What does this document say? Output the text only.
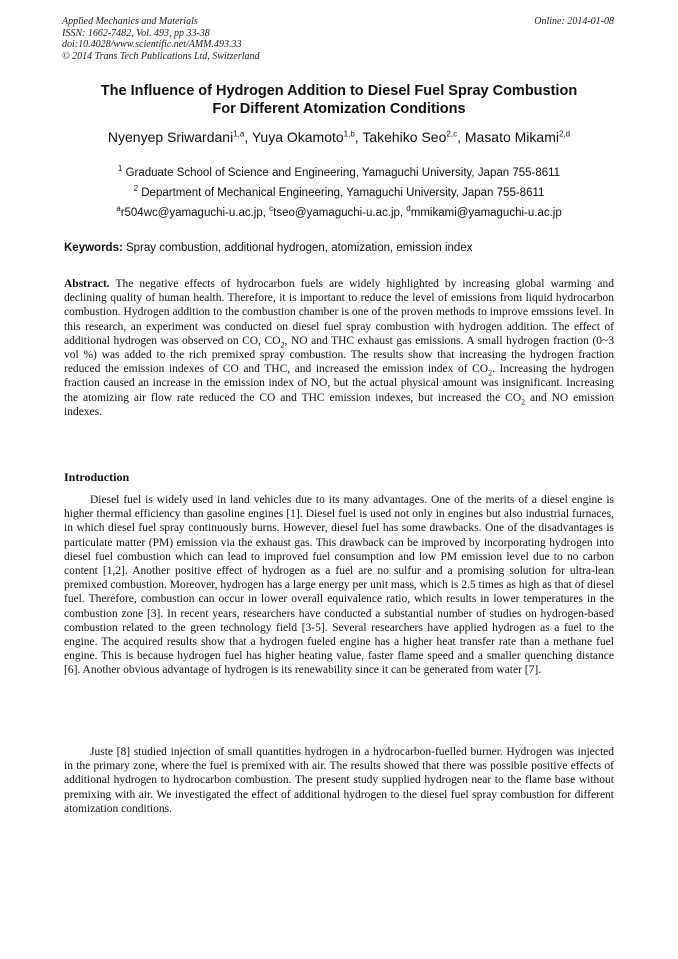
Applied Mechanics and Materials
ISSN: 1662-7482, Vol. 493, pp 33-38
doi:10.4028/www.scientific.net/AMM.493.33
© 2014 Trans Tech Publications Ltd, Switzerland
Online: 2014-01-08
The Influence of Hydrogen Addition to Diesel Fuel Spray Combustion
For Different Atomization Conditions
Nyenyep Sriwardani$^{1,a}$, Yuya Okamoto$^{1,b}$, Takehiko Seo$^{2,c}$, Masato Mikami$^{2,d}$
$^1$ Graduate School of Science and Engineering, Yamaguchi University, Japan 755-8611
$^2$ Department of Mechanical Engineering, Yamaguchi University, Japan 755-8611
$^a$r504wc@yamaguchi-u.ac.jp, $^c$tseo@yamaguchi-u.ac.jp, $^d$mmikami@yamaguchi-u.ac.jp
Keywords: Spray combustion, additional hydrogen, atomization, emission index
Abstract. The negative effects of hydrocarbon fuels are widely highlighted by increasing global warming and declining quality of human health. Therefore, it is important to reduce the level of emissions from liquid hydrocarbon combustion. Hydrogen addition to the combustion chamber is one of the proven methods to improve emssions level. In this research, an experiment was conducted on diesel fuel spray combustion with hydrogen addition. The effect of additional hydrogen was observed on CO, $CO_2$, NO and THC exhaust gas emissions. A small hydrogen fraction (0~3 vol %) was added to the rich premixed spray combustion. The results show that increasing the hydrogen fraction reduced the emission indexes of CO and THC, and increased the emission index of $CO_2$. Increasing the hydrogen fraction caused an increase in the emission index of NO, but the actual physical amount was insignificant. Increasing the atomizing air flow rate reduced the CO and THC emission indexes, but increased the $CO_2$ and NO emission indexes.
Introduction
Diesel fuel is widely used in land vehicles due to its many advantages. One of the merits of a diesel engine is higher thermal efficiency than gasoline engines [1]. Diesel fuel is used not only in engines but also industrial furnaces, in which diesel fuel spray continuously burns. However, diesel fuel has some drawbacks. One of the disadvantages is particulate matter (PM) emission via the exhaust gas. This drawback can be improved by incorporating hydrogen into diesel fuel combustion which can lead to improved fuel consumption and low PM emission level due to no carbon content [1,2]. Another positive effect of hydrogen as a fuel are no sulfur and a promising solution for ultra-lean premixed combustion. Moreover, hydrogen has a large energy per unit mass, which is 2.5 times as high as that of diesel fuel. Therefore, combustion can occur in lower overall equivalence ratio, which results in lower temperatures in the combustion zone [3]. In recent years, researchers have conducted a substantial number of studies on hydrogen-based combustion related to the green technology field [3-5]. Several researchers have applied hydrogen as a fuel to the engine. The acquired results show that a hydrogen fueled engine has a higher heat transfer rate than a methane fuel engine. This is because hydrogen fuel has higher heating value, faster flame speed and a smaller quenching distance [6]. Another obvious advantage of hydrogen is its renewability since it can be generated from water [7].
Juste [8] studied injection of small quantities hydrogen in a hydrocarbon-fuelled burner. Hydrogen was injected in the primary zone, where the fuel is premixed with air. The results showed that there was possible positive effects of additional hydrogen to hydrocarbon combustion. The present study supplied hydrogen near to the flame base without premixing with air. We investigated the effect of additional hydrogen to the diesel fuel spray combustion for different atomization conditions.
